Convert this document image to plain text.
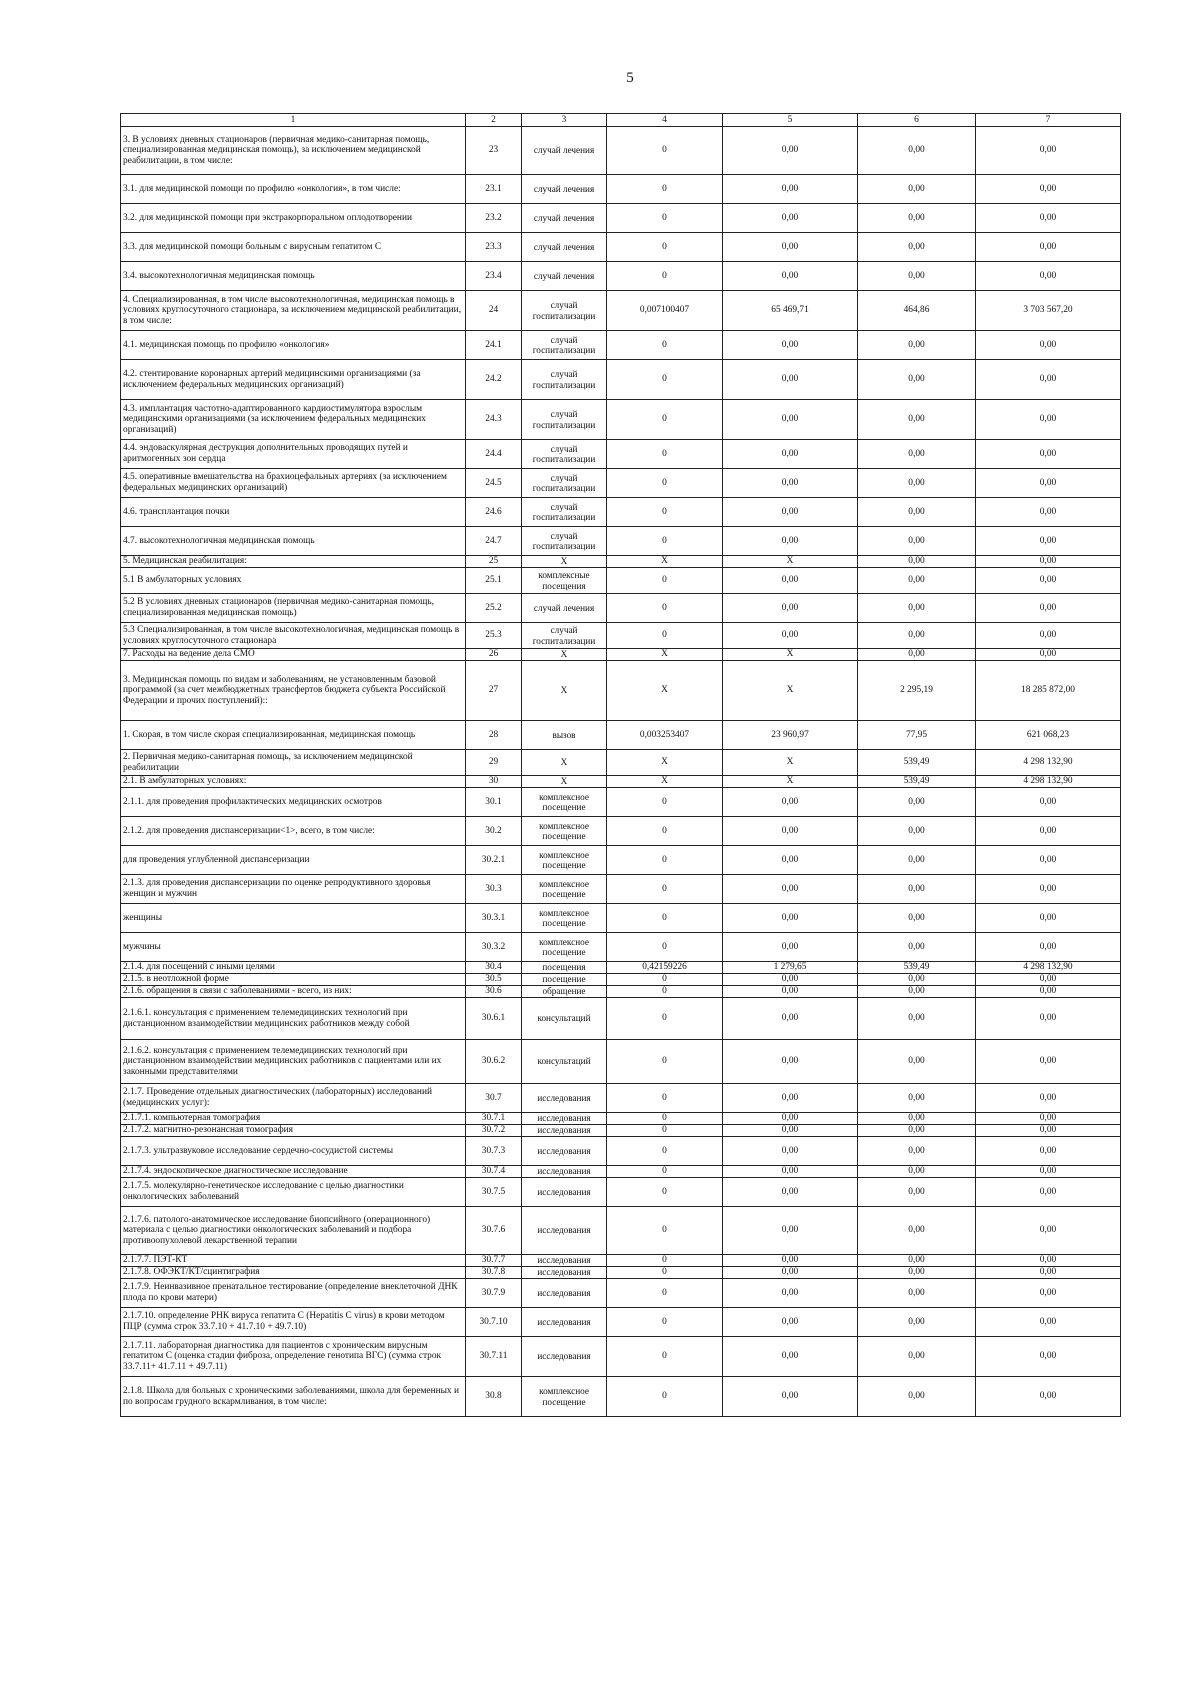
5
1	2	3	4	5	6	7
3. В условиях дневных стационаров (первичная медико-санитарная помощь, специализированная медицинская помощь), за исключением медицинской реабилитации, в том числе:	23	случай лечения	0	0,00	0,00	0,00
3.1. для медицинской помощи по профилю «онкология», в том числе:	23.1	случай лечения	0	0,00	0,00	0,00
3.2. для медицинской помощи при экстракорпоральном оплодотворении	23.2	случай лечения	0	0,00	0,00	0,00
3.3. для медицинской помощи больным с вирусным гепатитом С	23.3	случай лечения	0	0,00	0,00	0,00
3.4. высокотехнологичная медицинская помощь	23.4	случай лечения	0	0,00	0,00	0,00
4. Специализированная, в том числе высокотехнологичная, медицинская помощь в условиях круглосуточного стационара, за исключением медицинской реабилитации, в том числе:	24	случай госпитализации	0,007100407	65 469,71	464,86	3 703 567,20
4.1. медицинская помощь по профилю «онкология»	24.1	случай госпитализации	0	0,00	0,00	0,00
4.2. стентирование коронарных артерий медицинскими организациями (за исключением федеральных медицинских организаций)	24.2	случай госпитализации	0	0,00	0,00	0,00
4.3. имплантация частотно-адаптированного кардиостимулятора взрослым медицинскими организациями (за исключением федеральных медицинских организаций)	24.3	случай госпитализации	0	0,00	0,00	0,00
4.4. эндоваскулярная деструкция дополнительных проводящих путей и аритмогенных зон сердца	24.4	случай госпитализации	0	0,00	0,00	0,00
4.5. оперативные вмешательства на брахиоцефальных артериях (за исключением федеральных медицинских организаций)	24.5	случай госпитализации	0	0,00	0,00	0,00
4.6. трансплантация почки	24.6	случай госпитализации	0	0,00	0,00	0,00
4.7. высокотехнологичная медицинская помощь	24.7	случай госпитализации	0	0,00	0,00	0,00
5. Медицинская реабилитация:	25	X	X	X	0,00	0,00
5.1 В амбулаторных условиях	25.1	комплексные посещения	0	0,00	0,00	0,00
5.2 В условиях дневных стационаров (первичная медико-санитарная помощь, специализированная медицинская помощь)	25.2	случай лечения	0	0,00	0,00	0,00
5.3 Специализированная, в том числе высокотехнологичная, медицинская помощь в условиях круглосуточного стационара	25.3	случай госпитализации	0	0,00	0,00	0,00
7. Расходы на ведение дела СМО	26	X	X	X	0,00	0,00
3. Медицинская помощь по видам и заболеваниям, не установленным базовой программой (за счет межбюджетных трансфертов бюджета субъекта Российской Федерации и прочих поступлений)::	27	X	X	X	2 295,19	18 285 872,00
1. Скорая, в том числе скорая специализированная, медицинская помощь	28	вызов	0,003253407	23 960,97	77,95	621 068,23
2. Первичная медико-санитарная помощь, за исключением медицинской реабилитации	29	X	X	X	539,49	4 298 132,90
2.1. В амбулаторных условиях:	30	X	X	X	539,49	4 298 132,90
2.1.1. для проведения профилактических медицинских осмотров	30.1	комплексное посещение	0	0,00	0,00	0,00
2.1.2. для проведения диспансеризации<1>, всего, в том числе:	30.2	комплексное посещение	0	0,00	0,00	0,00
для проведения углубленной диспансеризации	30.2.1	комплексное посещение	0	0,00	0,00	0,00
2.1.3. для проведения диспансеризации по оценке репродуктивного здоровья женщин и мужчин	30.3	комплексное посещение	0	0,00	0,00	0,00
женщины	30.3.1	комплексное посещение	0	0,00	0,00	0,00
мужчины	30.3.2	комплексное посещение	0	0,00	0,00	0,00
2.1.4. для посещений с иными целями	30.4	посещения	0,42159226	1 279,65	539,49	4 298 132,90
2.1.5. в неотложной форме	30.5	посещение	0	0,00	0,00	0,00
2.1.6. обращения в связи с заболеваниями - всего, из них:	30.6	обращение	0	0,00	0,00	0,00
2.1.6.1. консультация с применением телемедицинских технологий при дистанционном взаимодействии медицинских работников между собой	30.6.1	консультаций	0	0,00	0,00	0,00
2.1.6.2. консультация с применением телемедицинских технологий при дистанционном взаимодействии медицинских работников с пациентами или их законными представителями	30.6.2	консультаций	0	0,00	0,00	0,00
2.1.7. Проведение отдельных диагностических (лабораторных) исследований (медицинских услуг):	30.7	исследования	0	0,00	0,00	0,00
2.1.7.1. компьютерная томография	30.7.1	исследования	0	0,00	0,00	0,00
2.1.7.2. магнитно-резонансная томография	30.7.2	исследования	0	0,00	0,00	0,00
2.1.7.3. ультразвуковое исследование сердечно-сосудистой системы	30.7.3	исследования	0	0,00	0,00	0,00
2.1.7.4. эндоскопическое диагностическое исследование	30.7.4	исследования	0	0,00	0,00	0,00
2.1.7.5. молекулярно-генетическое исследование с целью диагностики онкологических заболеваний	30.7.5	исследования	0	0,00	0,00	0,00
2.1.7.6. патолого-анатомическое исследование биопсийного (операционного) материала с целью диагностики онкологических заболеваний и подбора противоопухолевой лекарственной терапии	30.7.6	исследования	0	0,00	0,00	0,00
2.1.7.7. ПЭТ-КТ	30.7.7	исследования	0	0,00	0,00	0,00
2.1.7.8. ОФЭКТ/КТ/сцинтиграфия	30.7.8	исследования	0	0,00	0,00	0,00
2.1.7.9. Неинвазивное пренатальное тестирование (определение внеклеточной ДНК плода по крови матери)	30.7.9	исследования	0	0,00	0,00	0,00
2.1.7.10. определение РНК вируса гепатита С (Hepatitis C virus) в крови методом ПЦР (сумма строк 33.7.10 + 41.7.10 + 49.7.10)	30.7.10	исследования	0	0,00	0,00	0,00
2.1.7.11. лабораторная диагностика для пациентов с хроническим вирусным гепатитом С (оценка стадии фиброза, определение генотипа ВГС) (сумма строк 33.7.11+ 41.7.11 + 49.7.11)	30.7.11	исследования	0	0,00	0,00	0,00
2.1.8. Школа для больных с хроническими заболеваниями, школа для беременных и по вопросам грудного вскармливания, в том числе:	30.8	комплексное посещение	0	0,00	0,00	0,00
